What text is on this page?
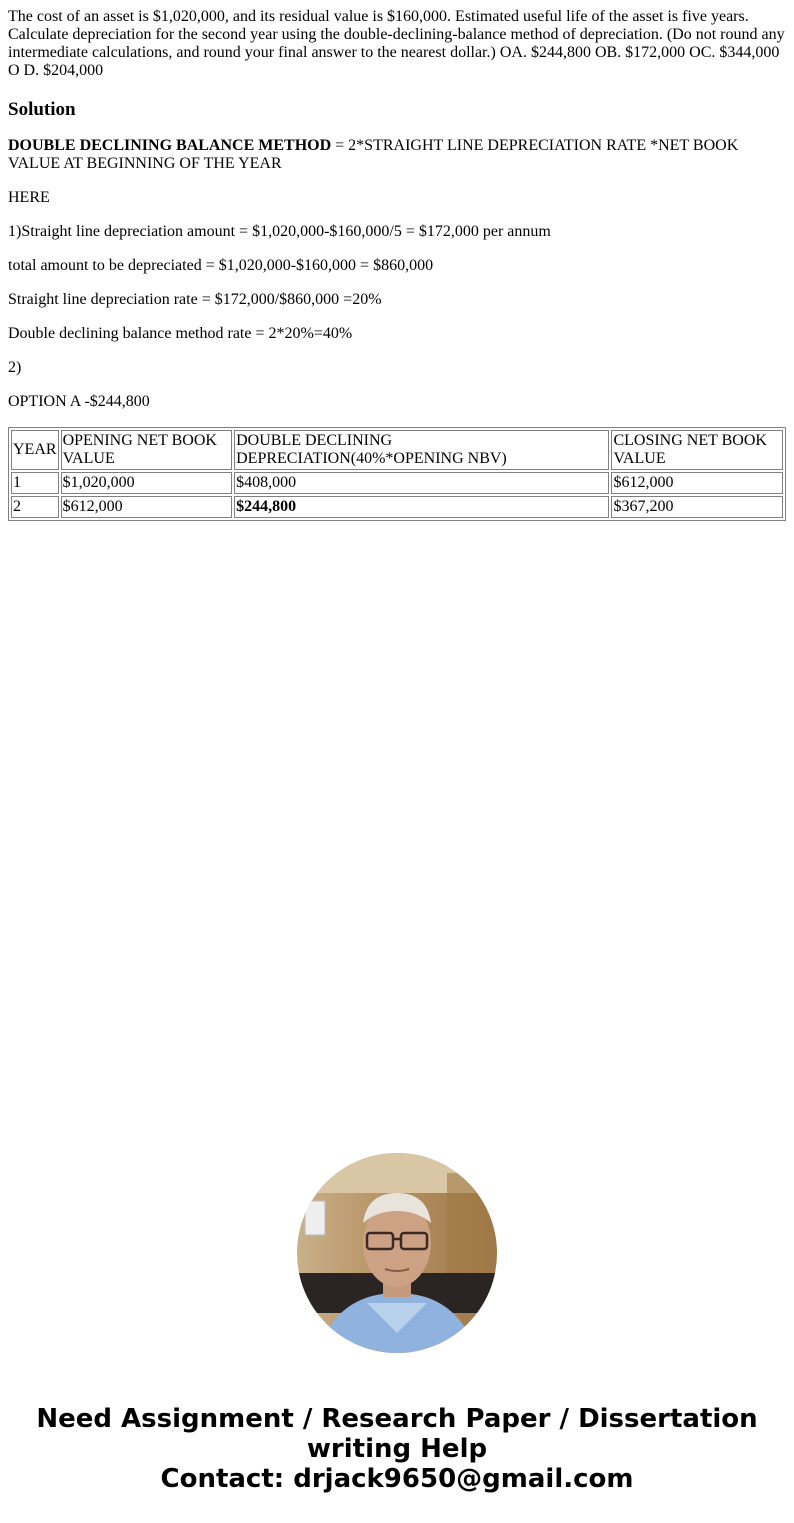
The cost of an asset is $1,020,000, and its residual value is $160,000. Estimated useful life of the asset is five years. Calculate depreciation for the second year using the double-declining-balance method of depreciation. (Do not round any intermediate calculations, and round your final answer to the nearest dollar.) OA. $244,800 OB. $172,000 OC. $344,000 O D. $204,000
Solution

DOUBLE DECLINING BALANCE METHOD = 2*STRAIGHT LINE DEPRECIATION RATE *NET BOOK VALUE AT BEGINNING OF THE YEAR

HERE

1)Straight line depreciation amount = $1,020,000-$160,000/5 = $172,000 per annum

total amount to be depreciated = $1,020,000-$160,000 = $860,000

Straight line depreciation rate = $172,000/$860,000 =20%

Double declining balance method rate = 2*20%=40%

2)

OPTION A -$244,800

YEAR	OPENING NET BOOK VALUE	DOUBLE DECLINING DEPRECIATION(40%*OPENING NBV)	CLOSING NET BOOK VALUE
1	$1,020,000	$408,000	$612,000
2	$612,000	$244,800	$367,200
Need Assignment / Research Paper / Dissertation writing Help
Contact: drjack9650@gmail.com
